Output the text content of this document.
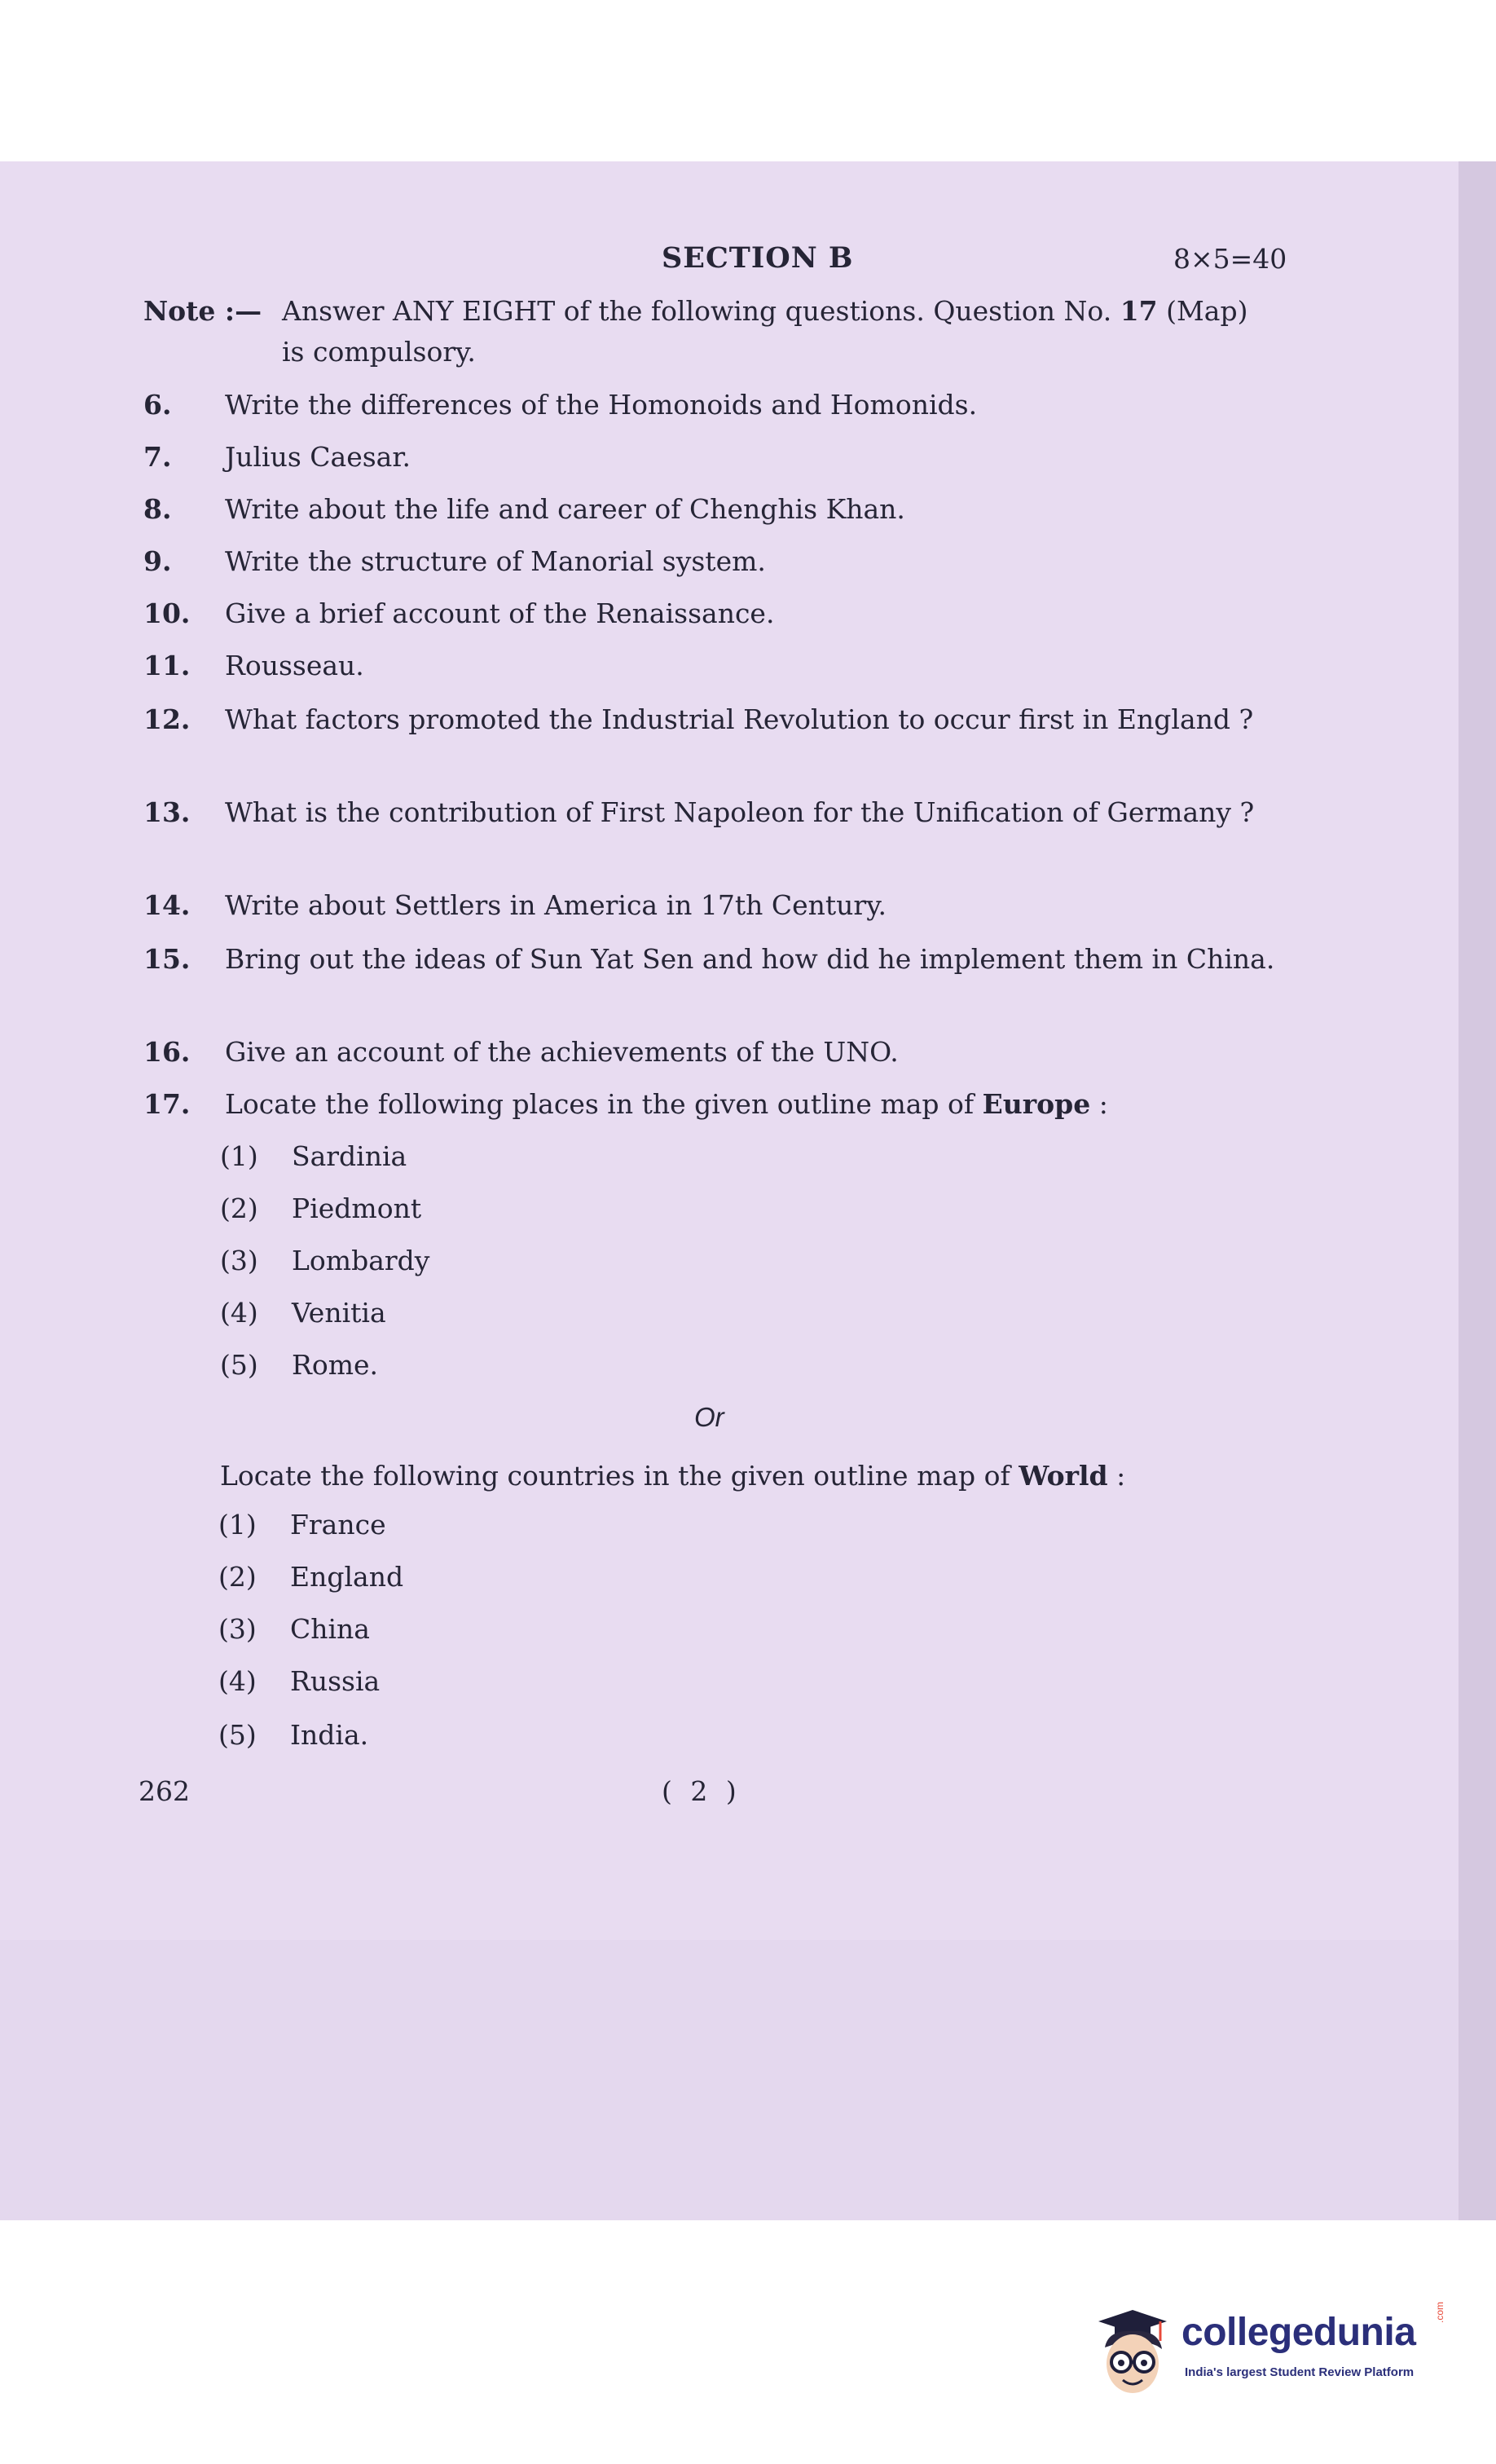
SECTION B	8×5=40
Note :— Answer ANY EIGHT of the following questions. Question No. 17 (Map)
is compulsory.
6.	Write the differences of the Homonoids and Homonids.
7.	Julius Caesar.
8.	Write about the life and career of Chenghis Khan.
9.	Write the structure of Manorial system.
10.	Give a brief account of the Renaissance.
11.	Rousseau.
12.	What factors promoted the Industrial Revolution to occur first in England ?
13.	What is the contribution of First Napoleon for the Unification of Germany ?
14.	Write about Settlers in America in 17th Century.
15.	Bring out the ideas of Sun Yat Sen and how did he implement them in China.
16.	Give an account of the achievements of the UNO.
17.	Locate the following places in the given outline map of Europe :
(1) Sardinia
(2) Piedmont
(3) Lombardy
(4) Venitia
(5) Rome.
Or
Locate the following countries in the given outline map of World :
(1) France
(2) England
(3) China
(4) Russia
(5) India.
262	( 2 )
collegedunia .com
India's largest Student Review Platform
